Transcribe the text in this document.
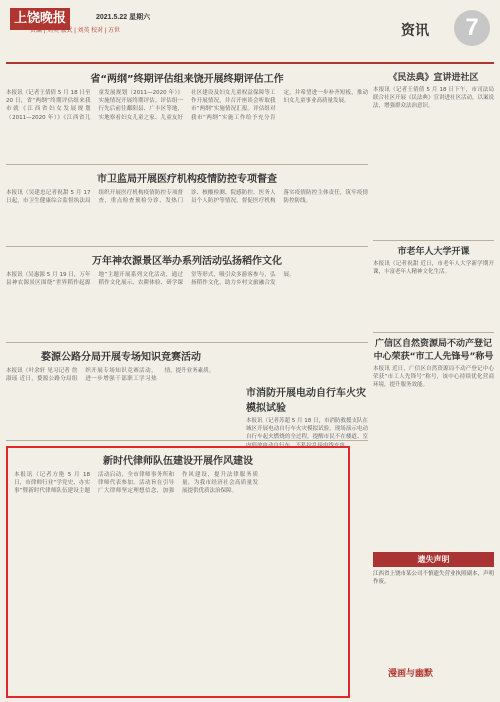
上饶晚报	2021.5.22 星期六
责编 | 刘英 版式 | 刘英 校对 | 方世	资讯	7
省“两纲”终期评估组来饶开展终期评估工作
本报讯（记者王倩倩 5 月 18 日至 20 日，省“两纲”终期评估组来我市就《江西省妇女发展规划（2011—2020 年）》《江西省儿童发展规划（2011—2020 年）》实施情况开展终期评估。评估组一行先后前往鄱阳县、广丰区等地，实地察看妇女儿童之家、儿童友好社区建设及妇女儿童权益保障等工作开展情况，并召开座谈会听取我市“两纲”实施情况汇报。评估组对我市“两纲”实施工作给予充分肯定，并希望进一步补齐短板，推动妇女儿童事业高质量发展。
市卫监局开展医疗机构疫情防控专项督查
本报讯（吴建忠记者祝甜 5 月 17 日起，市卫生健康综合监督执法局组织开展医疗机构疫情防控专项督查，重点检查预检分诊、发热门诊、核酸检测、院感防控、医务人员个人防护等情况，督促医疗机构落实疫情防控主体责任，筑牢疫情防控防线。
万年神农源景区举办系列活动弘扬稻作文化
本报讯（吴惠源 5 月 19 日，万年县神农源景区围绕“世界稻作起源地”主题开展系列文化活动，通过稻作文化展示、农耕体验、研学课堂等形式，吸引众多游客参与，弘扬稻作文化，助力乡村文旅融合发展。
婺源公路分局开展专场知识竞赛活动
本报讯（叶余轩 见习记者 詹淑瑶 近日，婺源公路分局组织开展专场知识竞赛活动，进一步增强干部职工学习热情，提升业务素质。
市消防开展电动自行车火灾模拟试验
本报讯（记者苏超 5 月 18 日，市消防救援支队在城区开展电动自行车火灾模拟试验，现场演示电动自行车起火燃烧的全过程，提醒市民不在楼道、室内停放电动自行车，不私拉乱接电线充电。
新时代律师队伍建设开展作风建设
本报讯（记者方艳 5 月 18 日，市律师行业“学党史、办实事”暨新时代律师队伍建设主题活动启动，全市律师事务所和律师代表参加。活动旨在引导广大律师坚定理想信念，加强作风建设，提升法律服务质量，为我市经济社会高质量发展提供优质法治保障。
《民法典》宣讲进社区
本报讯（记者王倩倩 5 月 18 日下午，市司法局联合社区开展《民法典》宣讲进社区活动，以案说法，增强群众法治意识。
市老年人大学开课
本报讯（记者祝甜 近日，市老年人大学新学期开课，丰富老年人精神文化生活。
广信区自然资源局不动产登记中心荣获“市工人先锋号”称号
本报讯 近日，广信区自然资源局不动产登记中心荣获“市工人先锋号”称号，该中心持续优化营商环境，提升服务效能。
遗失声明
江西省上饶市某公司不慎遗失营业执照副本，声明作废。
漫画与幽默
